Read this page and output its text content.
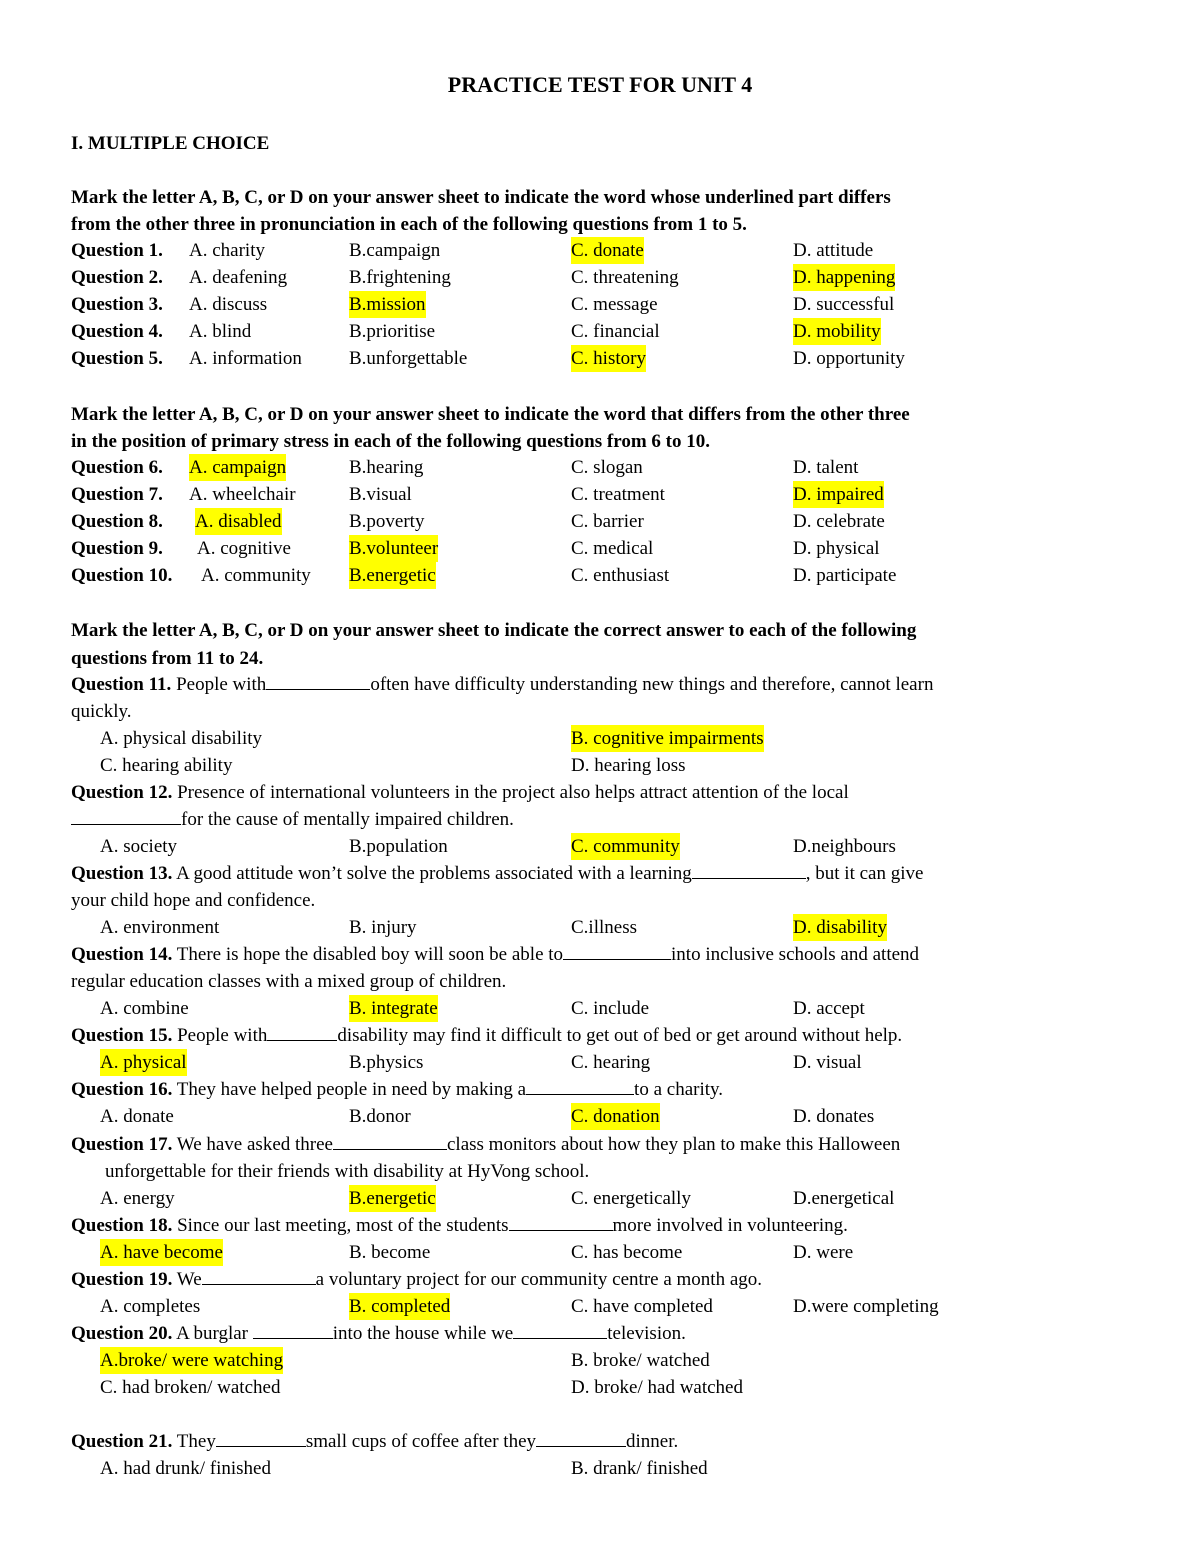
PRACTICE TEST FOR UNIT 4
I. MULTIPLE CHOICE
Mark the letter A, B, C, or D on your answer sheet to indicate the word whose underlined part differs
from the other three in pronunciation in each of the following questions from 1 to 5.
Question 1. A. charity	B.campaign	C. donate	D. attitude
Question 2. A. deafening	B.frightening	C. threatening	D. happening
Question 3. A. discuss	B.mission	C. message	D. successful
Question 4. A. blind	B.prioritise	C. financial	D. mobility
Question 5. A. information B.unforgettable	C. history	D. opportunity
Mark the letter A, B, C, or D on your answer sheet to indicate the word that differs from the other three
in the position of primary stress in each of the following questions from 6 to 10.
Question 6. A. campaign	B.hearing	C. slogan	D. talent
Question 7. A. wheelchair	B.visual	C. treatment	D. impaired
Question 8. A. disabled	B.poverty	C. barrier	D. celebrate
Question 9. A. cognitive	B.volunteer	C. medical	D. physical
Question 10. A. community B.energetic	C. enthusiast	D. participate
Mark the letter A, B, C, or D on your answer sheet to indicate the correct answer to each of the following
questions from 11 to 24.
Question 11. People with	often have difficulty understanding new things and therefore, cannot learn
quickly.
A. physical disability	B. cognitive impairments
C. hearing ability	D. hearing loss
Question 12. Presence of international volunteers in the project also helps attract attention of the local
for the cause of mentally impaired children.
A. society	B.population	C. community	D.neighbours
Question 13. A good attitude won’t solve the problems associated with a learning	, but it can give
your child hope and confidence.
A. environment	B. injury	C.illness	D. disability
Question 14. There is hope the disabled boy will soon be able to	into inclusive schools and attend
regular education classes with a mixed group of children.
A. combine	B. integrate	C. include	D. accept
Question 15. People with	disability may find it difficult to get out of bed or get around without help.
A. physical	B.physics	C. hearing	D. visual
Question 16. They have helped people in need by making a	to a charity.
A. donate	B.donor	C. donation	D. donates
Question 17. We have asked three	class monitors about how they plan to make this Halloween
unforgettable for their friends with disability at HyVong school.
A. energy	B.energetic	C. energetically	D.energetical
Question 18. Since our last meeting, most of the students	more involved in volunteering.
A. have become	B. become	C. has become	D. were
Question 19. We	a voluntary project for our community centre a month ago.
A. completes	B. completed	C. have completed	D.were completing
Question 20. A burglar	into the house while we	television.
A.broke/ were watching	B. broke/ watched
C. had broken/ watched	D. broke/ had watched
Question 21. They	small cups of coffee after they	dinner.
A. had drunk/ finished	B. drank/ finished
